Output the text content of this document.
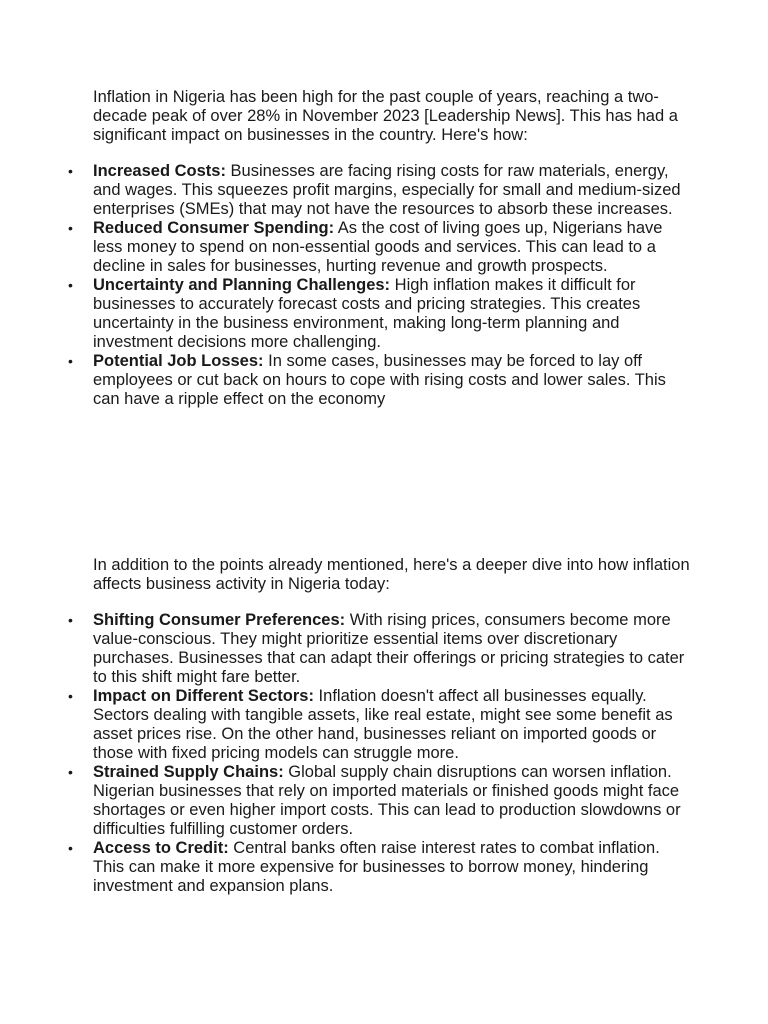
Inflation in Nigeria has been high for the past couple of years, reaching a two-decade peak of over 28% in November 2023 [Leadership News]. This has had a significant impact on businesses in the country. Here's how:

•	Increased Costs: Businesses are facing rising costs for raw materials, energy, and wages. This squeezes profit margins, especially for small and medium-sized enterprises (SMEs) that may not have the resources to absorb these increases.
•	Reduced Consumer Spending: As the cost of living goes up, Nigerians have less money to spend on non-essential goods and services. This can lead to a decline in sales for businesses, hurting revenue and growth prospects.
•	Uncertainty and Planning Challenges: High inflation makes it difficult for businesses to accurately forecast costs and pricing strategies. This creates uncertainty in the business environment, making long-term planning and investment decisions more challenging.
•	Potential Job Losses: In some cases, businesses may be forced to lay off employees or cut back on hours to cope with rising costs and lower sales. This can have a ripple effect on the economy

In addition to the points already mentioned, here's a deeper dive into how inflation affects business activity in Nigeria today:

•	Shifting Consumer Preferences: With rising prices, consumers become more value-conscious. They might prioritize essential items over discretionary purchases. Businesses that can adapt their offerings or pricing strategies to cater to this shift might fare better.
•	Impact on Different Sectors: Inflation doesn't affect all businesses equally. Sectors dealing with tangible assets, like real estate, might see some benefit as asset prices rise. On the other hand, businesses reliant on imported goods or those with fixed pricing models can struggle more.
•	Strained Supply Chains: Global supply chain disruptions can worsen inflation. Nigerian businesses that rely on imported materials or finished goods might face shortages or even higher import costs. This can lead to production slowdowns or difficulties fulfilling customer orders.
•	Access to Credit: Central banks often raise interest rates to combat inflation. This can make it more expensive for businesses to borrow money, hindering investment and expansion plans.
